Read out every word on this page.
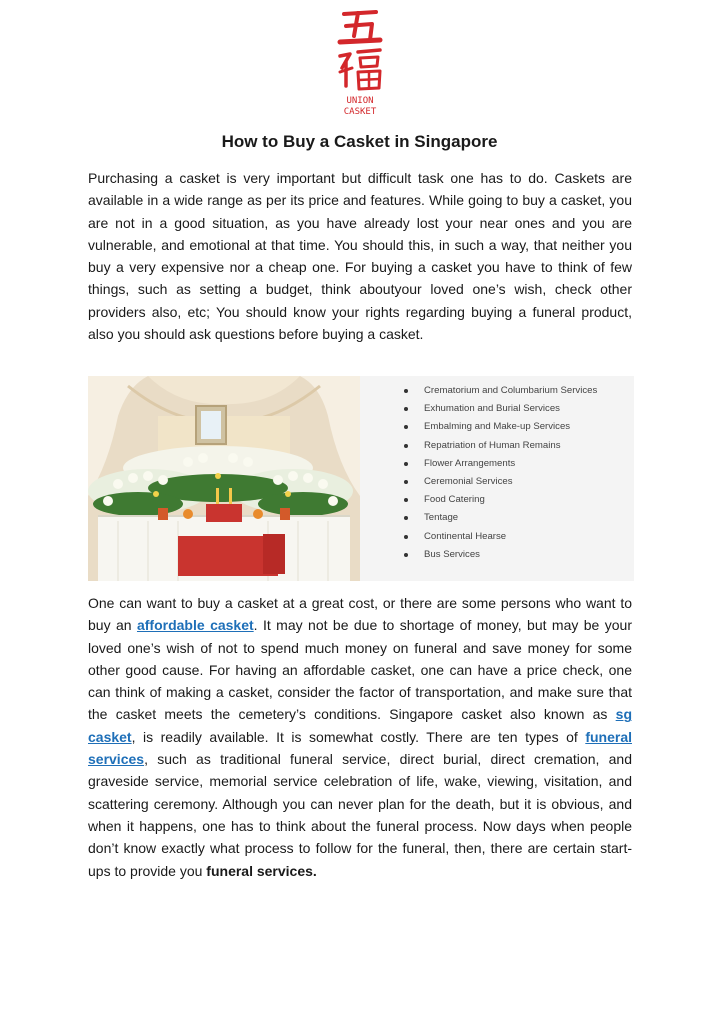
UNION
CASKET
How to Buy a Casket in Singapore
Purchasing a casket is very important but difficult task one has to do. Caskets are available in a wide range as per its price and features. While going to buy a casket, you are not in a good situation, as you have already lost your near ones and you are vulnerable, and emotional at that time. You should this, in such a way, that neither you buy a very expensive nor a cheap one. For buying a casket you have to think of few things, such as setting a budget, think aboutyour loved one’s wish, check other providers also, etc; You should know your rights regarding buying a funeral product, also you should ask questions before buying a casket.
Crematorium and Columbarium Services
Exhumation and Burial Services
Embalming and Make-up Services
Repatriation of Human Remains
Flower Arrangements
Ceremonial Services
Food Catering
Tentage
Continental Hearse
Bus Services
One can want to buy a casket at a great cost, or there are some persons who want to buy an affordable casket. It may not be due to shortage of money, but may be your loved one’s wish of not to spend much money on funeral and save money for some other good cause. For having an affordable casket, one can have a price check, one can think of making a casket, consider the factor of transportation, and make sure that the casket meets the cemetery’s conditions. Singapore casket also known as sg casket, is readily available. It is somewhat costly. There are ten types of funeral services, such as traditional funeral service, direct burial, direct cremation, and graveside service, memorial service celebration of life, wake, viewing, visitation, and scattering ceremony. Although you can never plan for the death, but it is obvious, and when it happens, one has to think about the funeral process. Now days when people don’t know exactly what process to follow for the funeral, then, there are certain start-ups to provide you funeral services.
